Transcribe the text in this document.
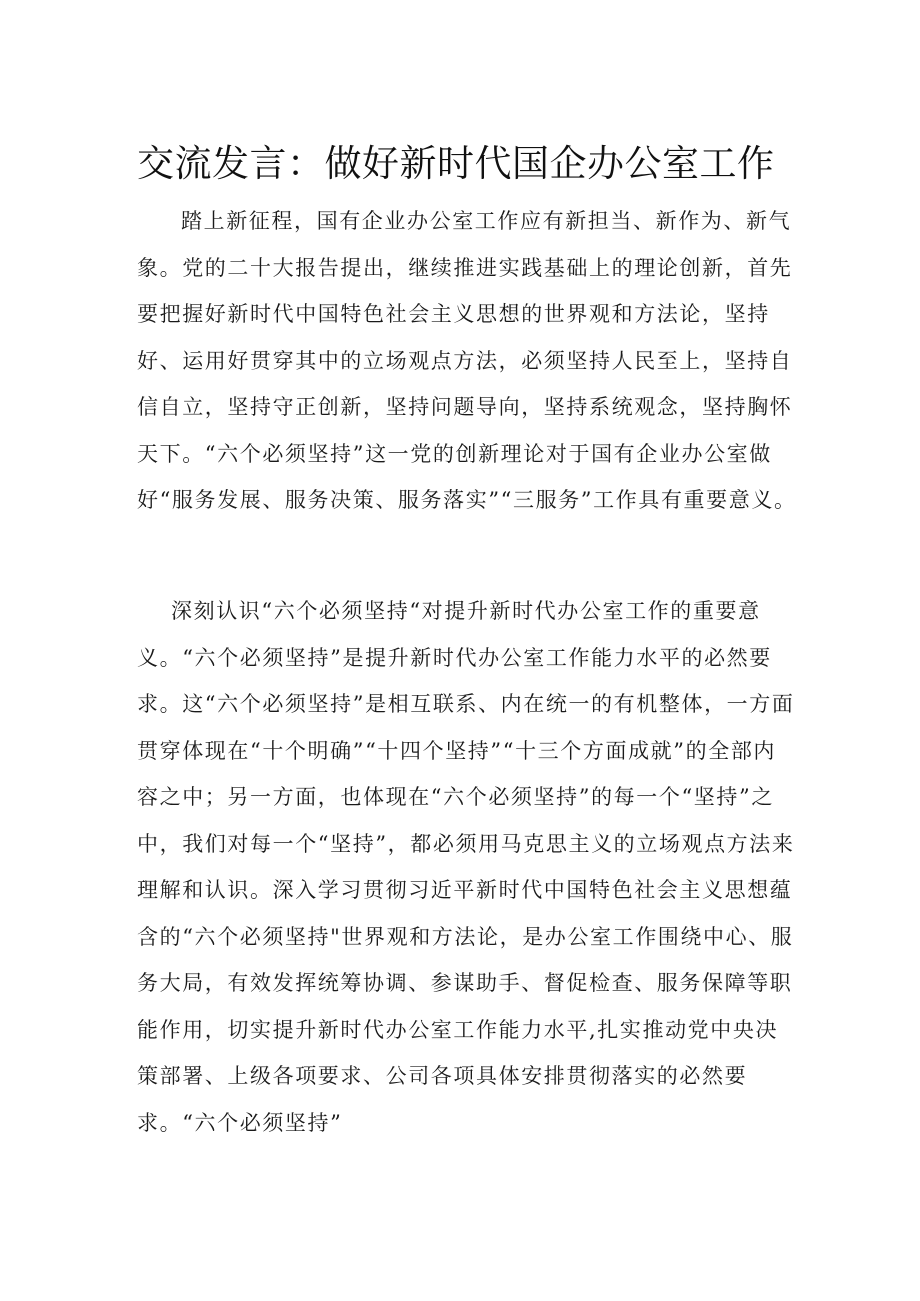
交流发言：做好新时代国企办公室工作

踏上新征程，国有企业办公室工作应有新担当、新作为、新气象。党的二十大报告提出，继续推进实践基础上的理论创新，首先要把握好新时代中国特色社会主义思想的世界观和方法论，坚持好、运用好贯穿其中的立场观点方法，必须坚持人民至上，坚持自信自立，坚持守正创新，坚持问题导向，坚持系统观念，坚持胸怀天下。“六个必须坚持”这一党的创新理论对于国有企业办公室做好“服务发展、服务决策、服务落实”“三服务”工作具有重要意义。

深刻认识“六个必须坚持“对提升新时代办公室工作的重要意义。“六个必须坚持”是提升新时代办公室工作能力水平的必然要求。这“六个必须坚持”是相互联系、内在统一的有机整体，一方面贯穿体现在“十个明确”“十四个坚持”“十三个方面成就”的全部内容之中；另一方面，也体现在“六个必须坚持”的每一个“坚持”之中，我们对每一个“坚持”，都必须用马克思主义的立场观点方法来理解和认识。深入学习贯彻习近平新时代中国特色社会主义思想蕴含的“六个必须坚持"世界观和方法论，是办公室工作围绕中心、服务大局，有效发挥统筹协调、参谋助手、督促检查、服务保障等职能作用，切实提升新时代办公室工作能力水平,扎实推动党中央决策部署、上级各项要求、公司各项具体安排贯彻落实的必然要求。“六个必须坚持”
